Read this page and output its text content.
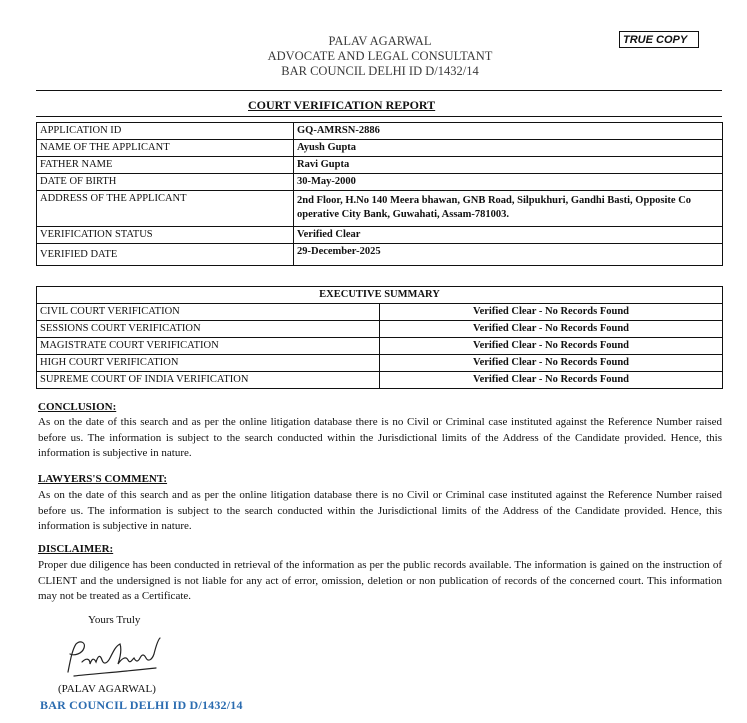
PALAV AGARWAL
ADVOCATE AND LEGAL CONSULTANT
BAR COUNCIL DELHI ID D/1432/14
TRUE COPY
COURT VERIFICATION REPORT
APPLICATION ID	GQ-AMRSN-2886
NAME OF THE APPLICANT	Ayush Gupta
FATHER NAME	Ravi Gupta
DATE OF BIRTH	30-May-2000
ADDRESS OF THE APPLICANT	2nd Floor, H.No 140 Meera bhawan, GNB Road, Silpukhuri, Gandhi Basti, Opposite Co operative City Bank, Guwahati, Assam-781003.
VERIFICATION STATUS	Verified Clear
VERIFIED DATE	29-December-2025
EXECUTIVE SUMMARY	
CIVIL COURT VERIFICATION	Verified Clear - No Records Found
SESSIONS COURT VERIFICATION	Verified Clear - No Records Found
MAGISTRATE COURT VERIFICATION	Verified Clear - No Records Found
HIGH COURT VERIFICATION	Verified Clear - No Records Found
SUPREME COURT OF INDIA VERIFICATION	Verified Clear - No Records Found
CONCLUSION:
As on the date of this search and as per the online litigation database there is no Civil or Criminal case instituted against the Reference Number raised before us. The information is subject to the search conducted within the Jurisdictional limits of the Address of the Candidate provided. Hence, this information is subjective in nature.
LAWYERS'S COMMENT:
As on the date of this search and as per the online litigation database there is no Civil or Criminal case instituted against the Reference Number raised before us. The information is subject to the search conducted within the Jurisdictional limits of the Address of the Candidate provided. Hence, this information is subjective in nature.
DISCLAIMER:
Proper due diligence has been conducted in retrieval of the information as per the public records available. The information is gained on the instruction of CLIENT and the undersigned is not liable for any act of error, omission, deletion or non publication of records of the concerned court. This information may not be treated as a Certificate.
Yours Truly
(PALAV AGARWAL)
BAR COUNCIL DELHI ID D/1432/14
